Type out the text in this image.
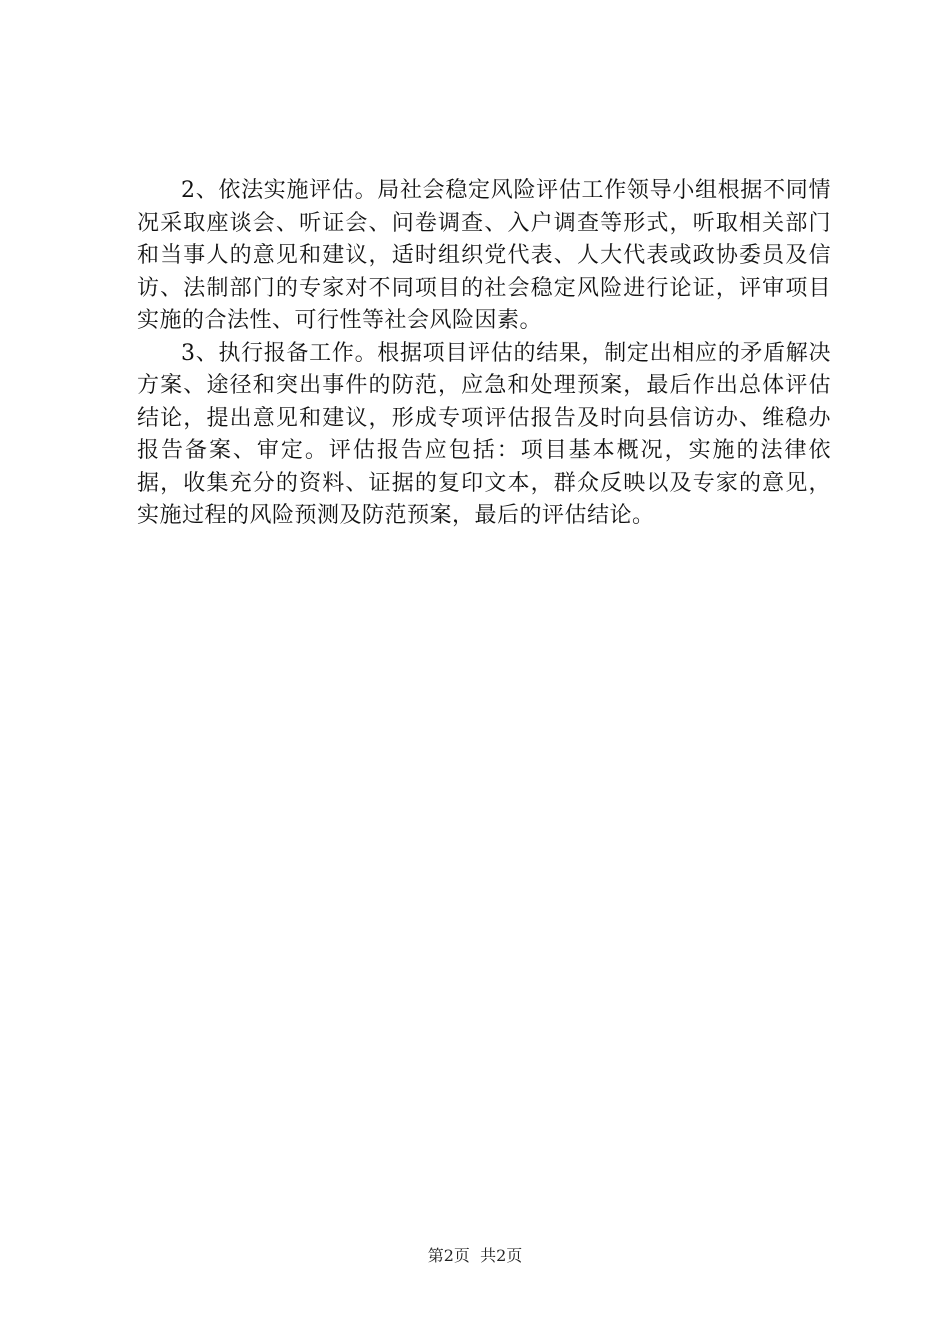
2、依法实施评估。局社会稳定风险评估工作领导小组根据不同情况采取座谈会、听证会、问卷调查、入户调查等形式，听取相关部门和当事人的意见和建议，适时组织党代表、人大代表或政协委员及信访、法制部门的专家对不同项目的社会稳定风险进行论证，评审项目实施的合法性、可行性等社会风险因素。

3、执行报备工作。根据项目评估的结果，制定出相应的矛盾解决方案、途径和突出事件的防范，应急和处理预案，最后作出总体评估结论，提出意见和建议，形成专项评估报告及时向县信访办、维稳办报告备案、审定。评估报告应包括：项目基本概况，实施的法律依据，收集充分的资料、证据的复印文本，群众反映以及专家的意见，实施过程的风险预测及防范预案，最后的评估结论。

第2页  共2页
